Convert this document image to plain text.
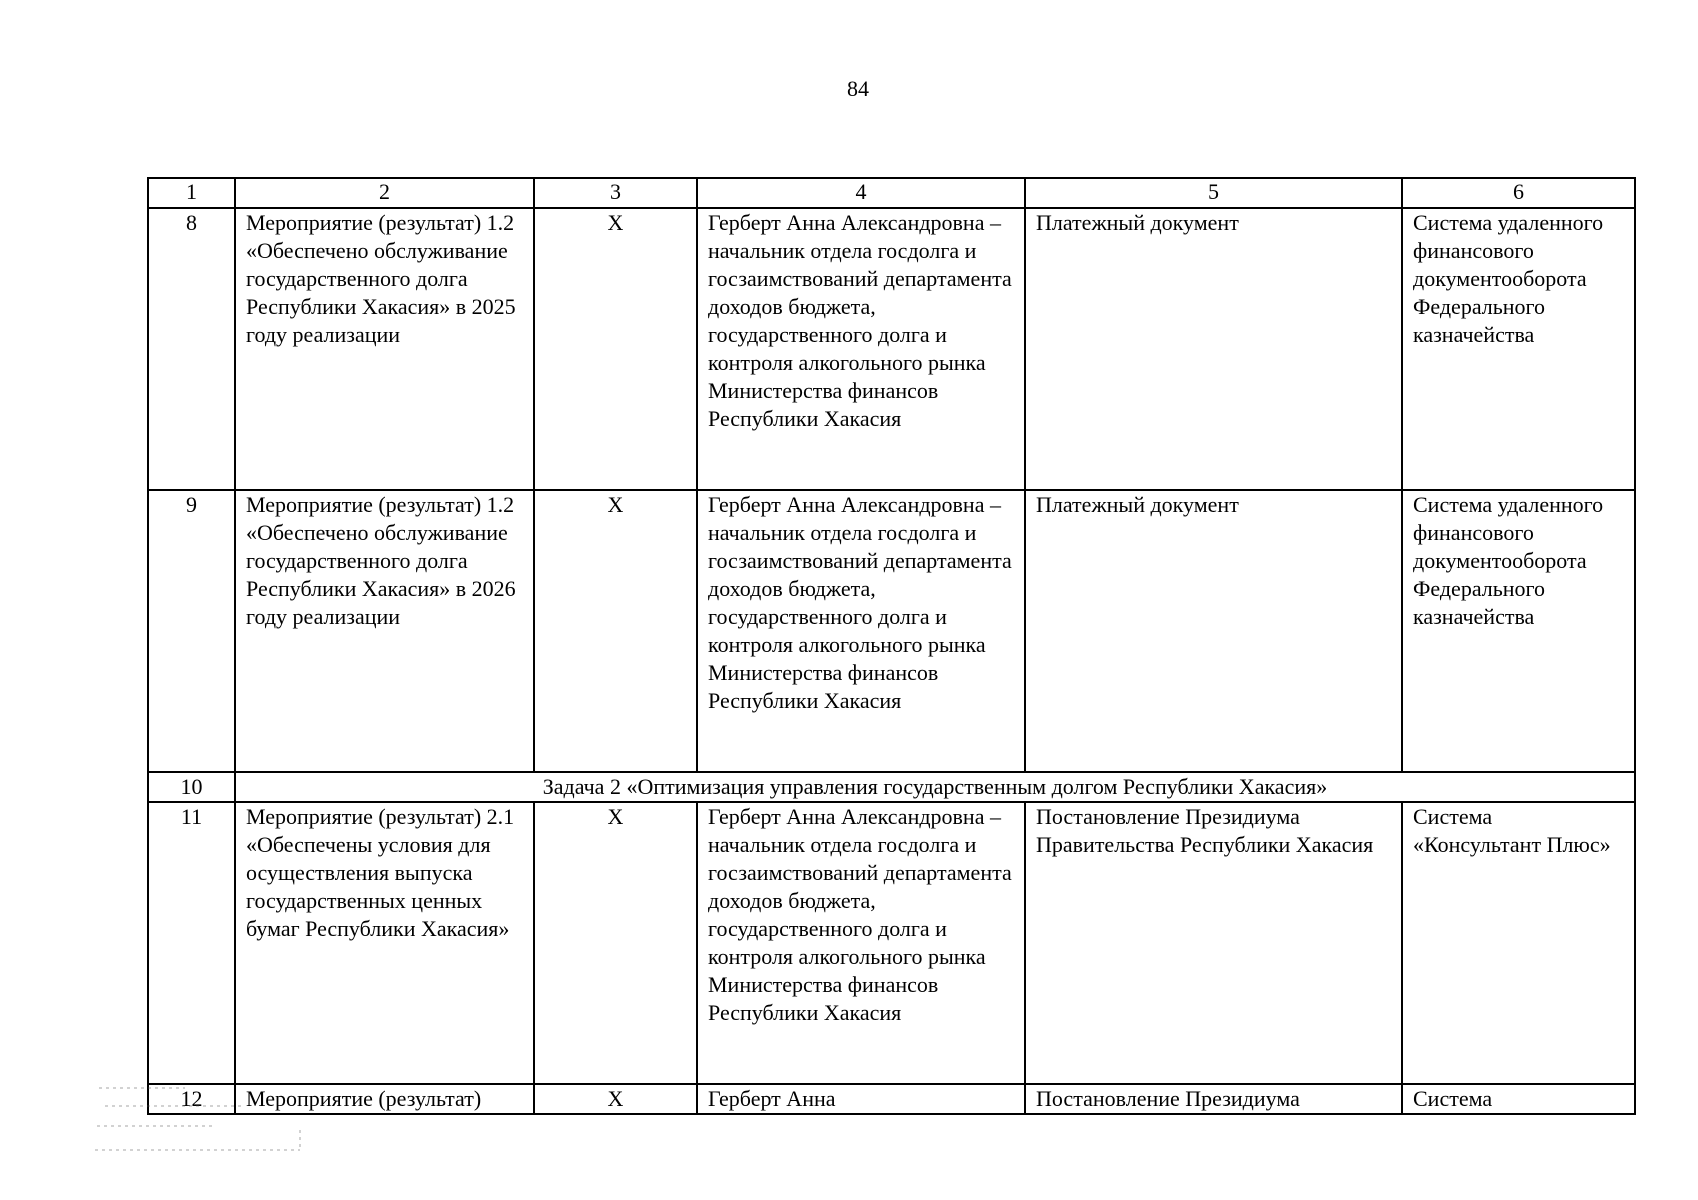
84
1	2	3	4	5	6
8	Мероприятие (результат) 1.2 «Обеспечено обслуживание государственного долга Республики Хакасия» в 2025 году реализации	X	Герберт Анна Александровна – начальник отдела госдолга и госзаимствований департамента доходов бюджета, государственного долга и контроля алкогольного рынка Министерства финансов Республики Хакасия	Платежный документ	Система удаленного финансового документооборота Федерального казначейства
9	Мероприятие (результат) 1.2 «Обеспечено обслуживание государственного долга Республики Хакасия» в 2026 году реализации	X	Герберт Анна Александровна – начальник отдела госдолга и госзаимствований департамента доходов бюджета, государственного долга и контроля алкогольного рынка Министерства финансов Республики Хакасия	Платежный документ	Система удаленного финансового документооборота Федерального казначейства
10	Задача 2 «Оптимизация управления государственным долгом Республики Хакасия»				
11	Мероприятие (результат) 2.1 «Обеспечены условия для осуществления выпуска государственных ценных бумаг Республики Хакасия»	X	Герберт Анна Александровна – начальник отдела госдолга и госзаимствований департамента доходов бюджета, государственного долга и контроля алкогольного рынка Министерства финансов Республики Хакасия	Постановление Президиума Правительства Республики Хакасия	Система «Консультант Плюс»
12	Мероприятие (результат)	X	Герберт Анна	Постановление Президиума	Система
